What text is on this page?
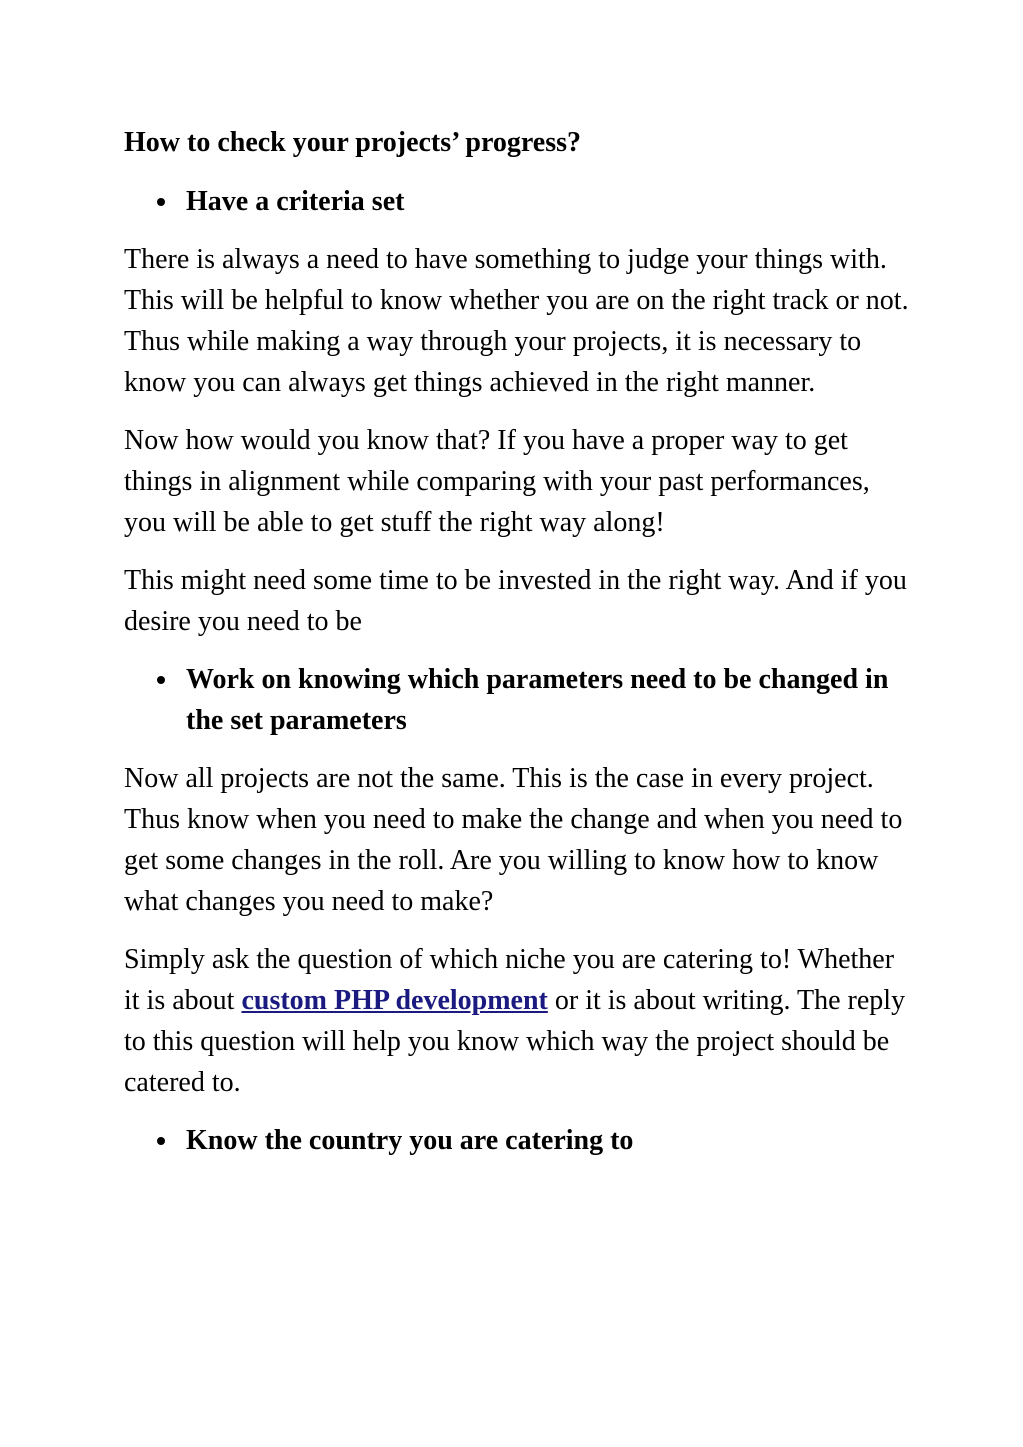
How to check your projects’ progress?
Have a criteria set
There is always a need to have something to judge your things with. This will be helpful to know whether you are on the right track or not. Thus while making a way through your projects, it is necessary to know you can always get things achieved in the right manner.
Now how would you know that? If you have a proper way to get things in alignment while comparing with your past performances, you will be able to get stuff the right way along!
This might need some time to be invested in the right way. And if you desire you need to be
Work on knowing which parameters need to be changed in the set parameters
Now all projects are not the same. This is the case in every project. Thus know when you need to make the change and when you need to get some changes in the roll. Are you willing to know how to know what changes you need to make?
Simply ask the question of which niche you are catering to! Whether it is about custom PHP development or it is about writing. The reply to this question will help you know which way the project should be catered to.
Know the country you are catering to
